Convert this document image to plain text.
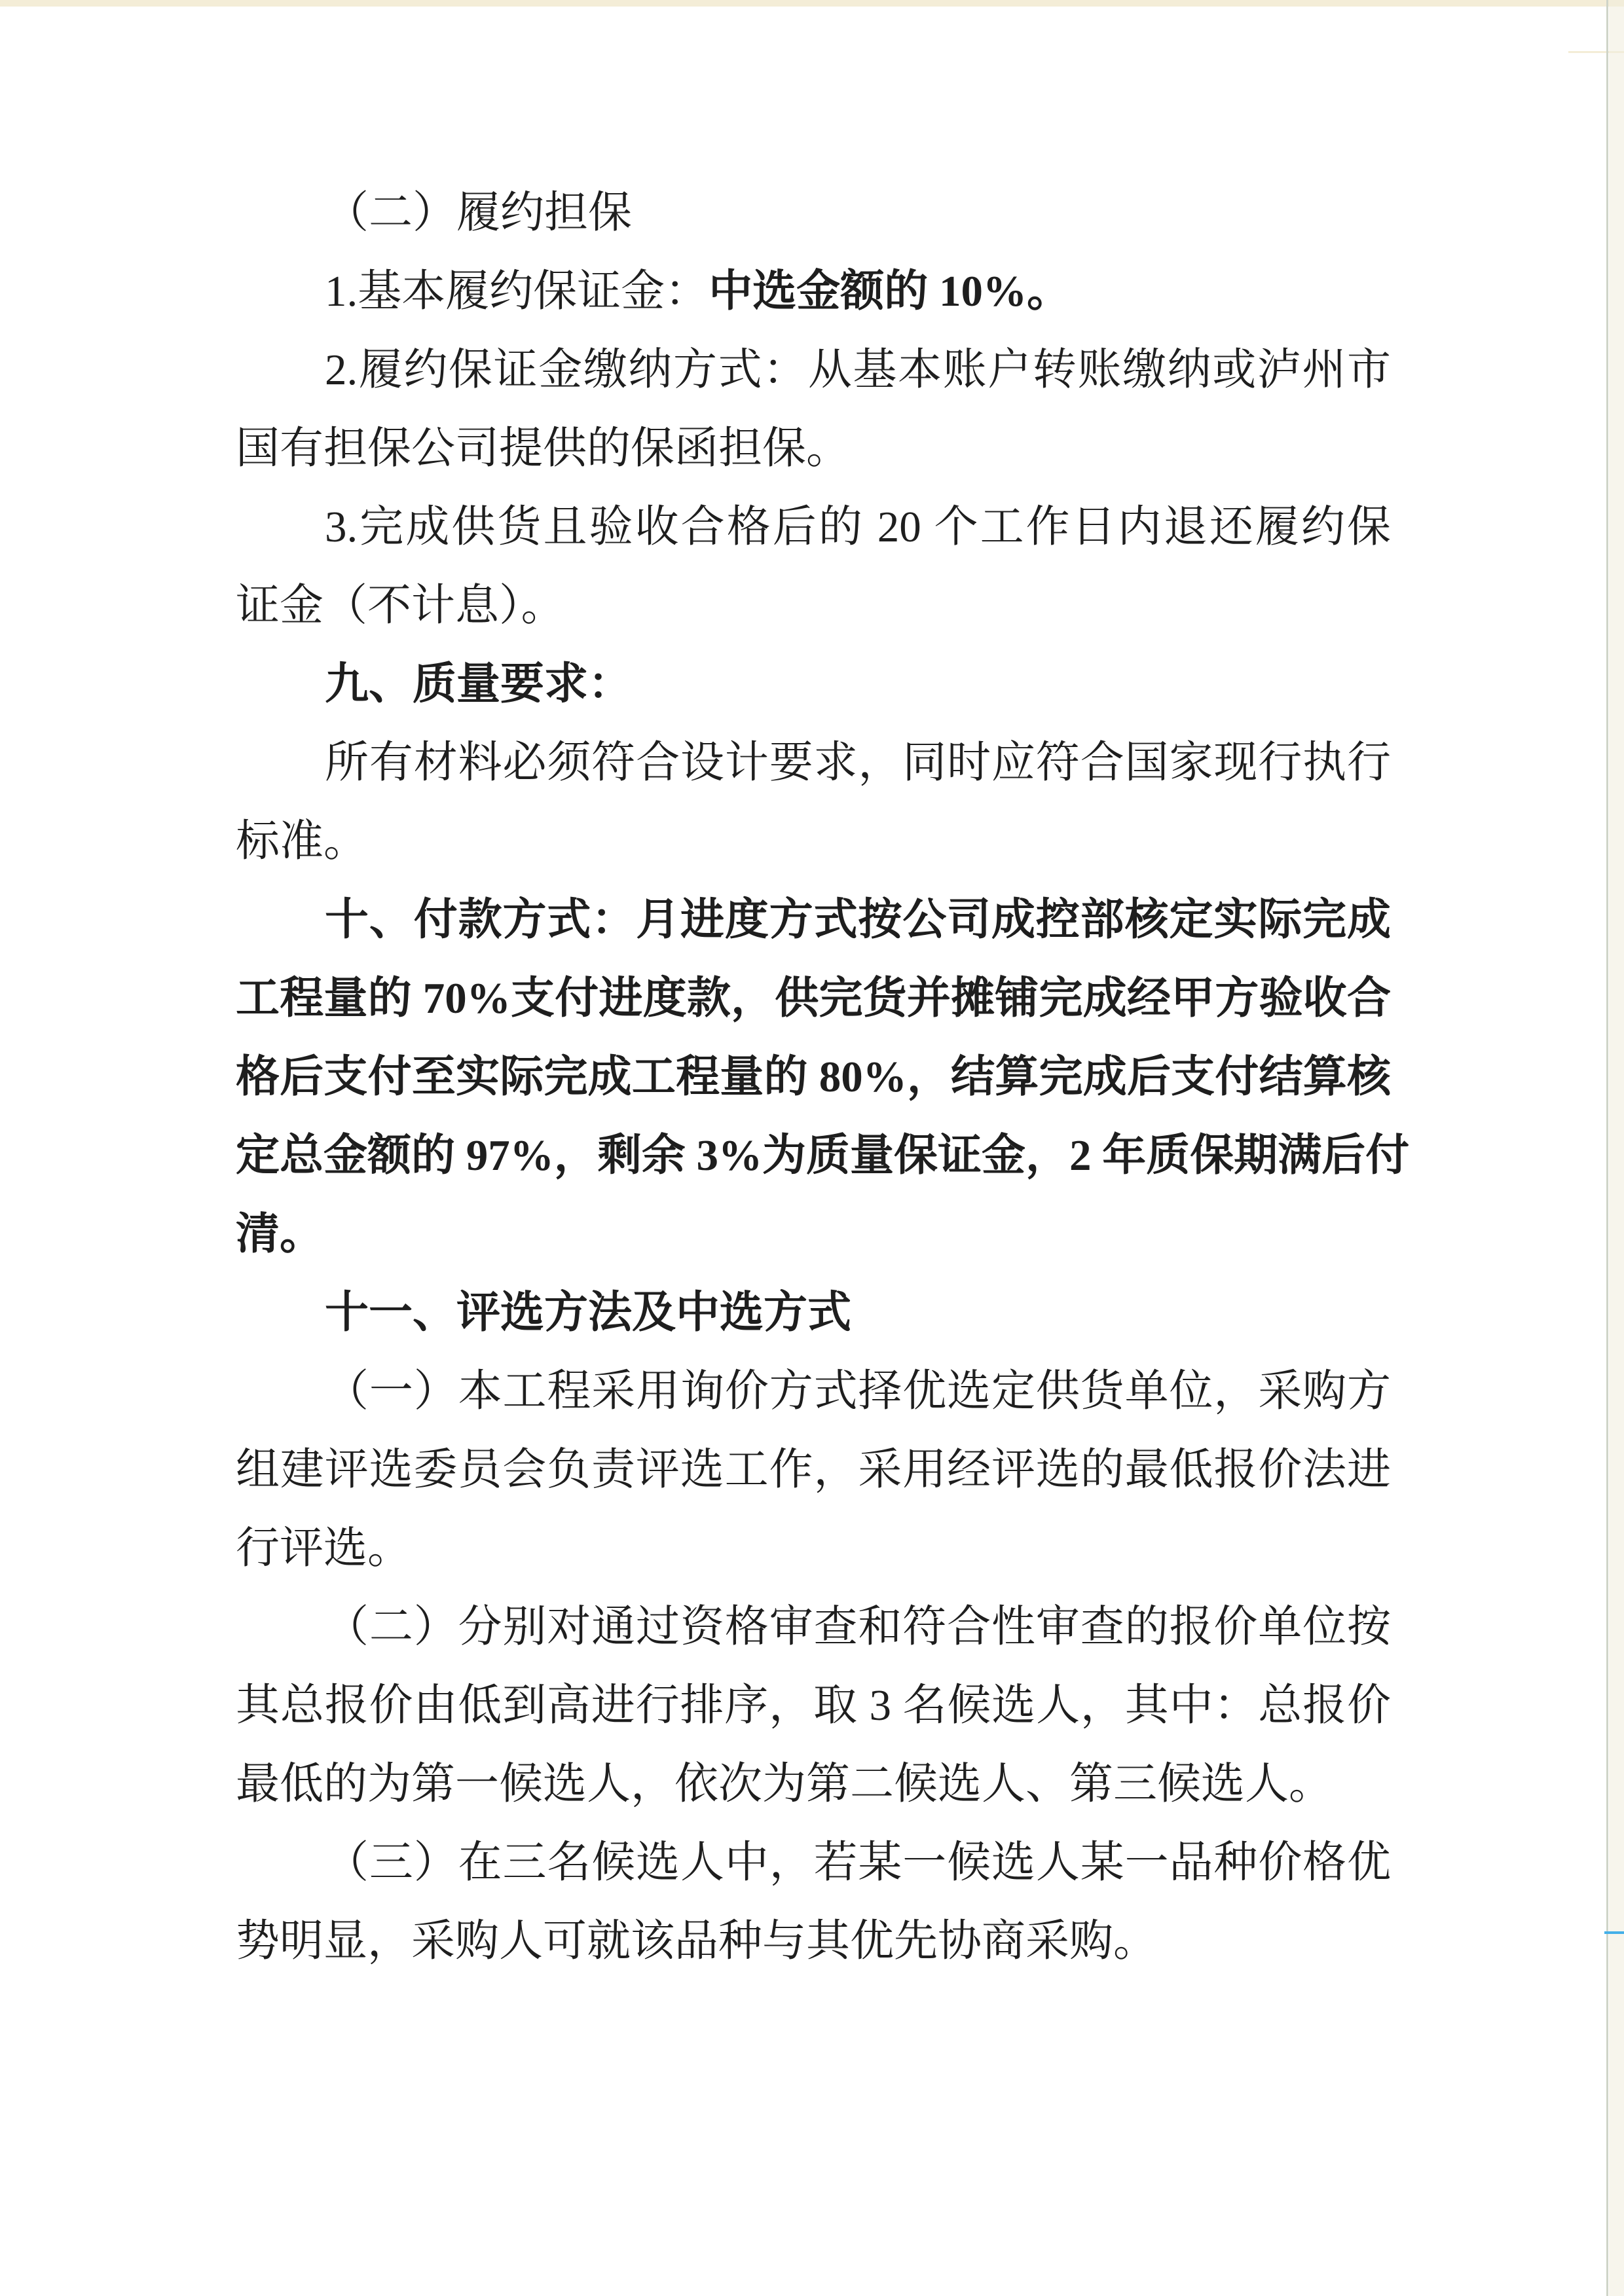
（二）履约担保
1.基本履约保证金：中选金额的 10%。
2.履约保证金缴纳方式：从基本账户转账缴纳或泸州市
国有担保公司提供的保函担保。
3.完成供货且验收合格后的 20 个工作日内退还履约保
证金（不计息）。
九、质量要求：
所有材料必须符合设计要求，同时应符合国家现行执行
标准。
十、付款方式：月进度方式按公司成控部核定实际完成
工程量的 70%支付进度款，供完货并摊铺完成经甲方验收合
格后支付至实际完成工程量的 80%，结算完成后支付结算核
定总金额的 97%，剩余 3%为质量保证金，2 年质保期满后付
清。
十一、评选方法及中选方式
（一）本工程采用询价方式择优选定供货单位，采购方
组建评选委员会负责评选工作，采用经评选的最低报价法进
行评选。
（二）分别对通过资格审查和符合性审查的报价单位按
其总报价由低到高进行排序，取 3 名候选人，其中：总报价
最低的为第一候选人，依次为第二候选人、第三候选人。
（三）在三名候选人中，若某一候选人某一品种价格优
势明显，采购人可就该品种与其优先协商采购。
